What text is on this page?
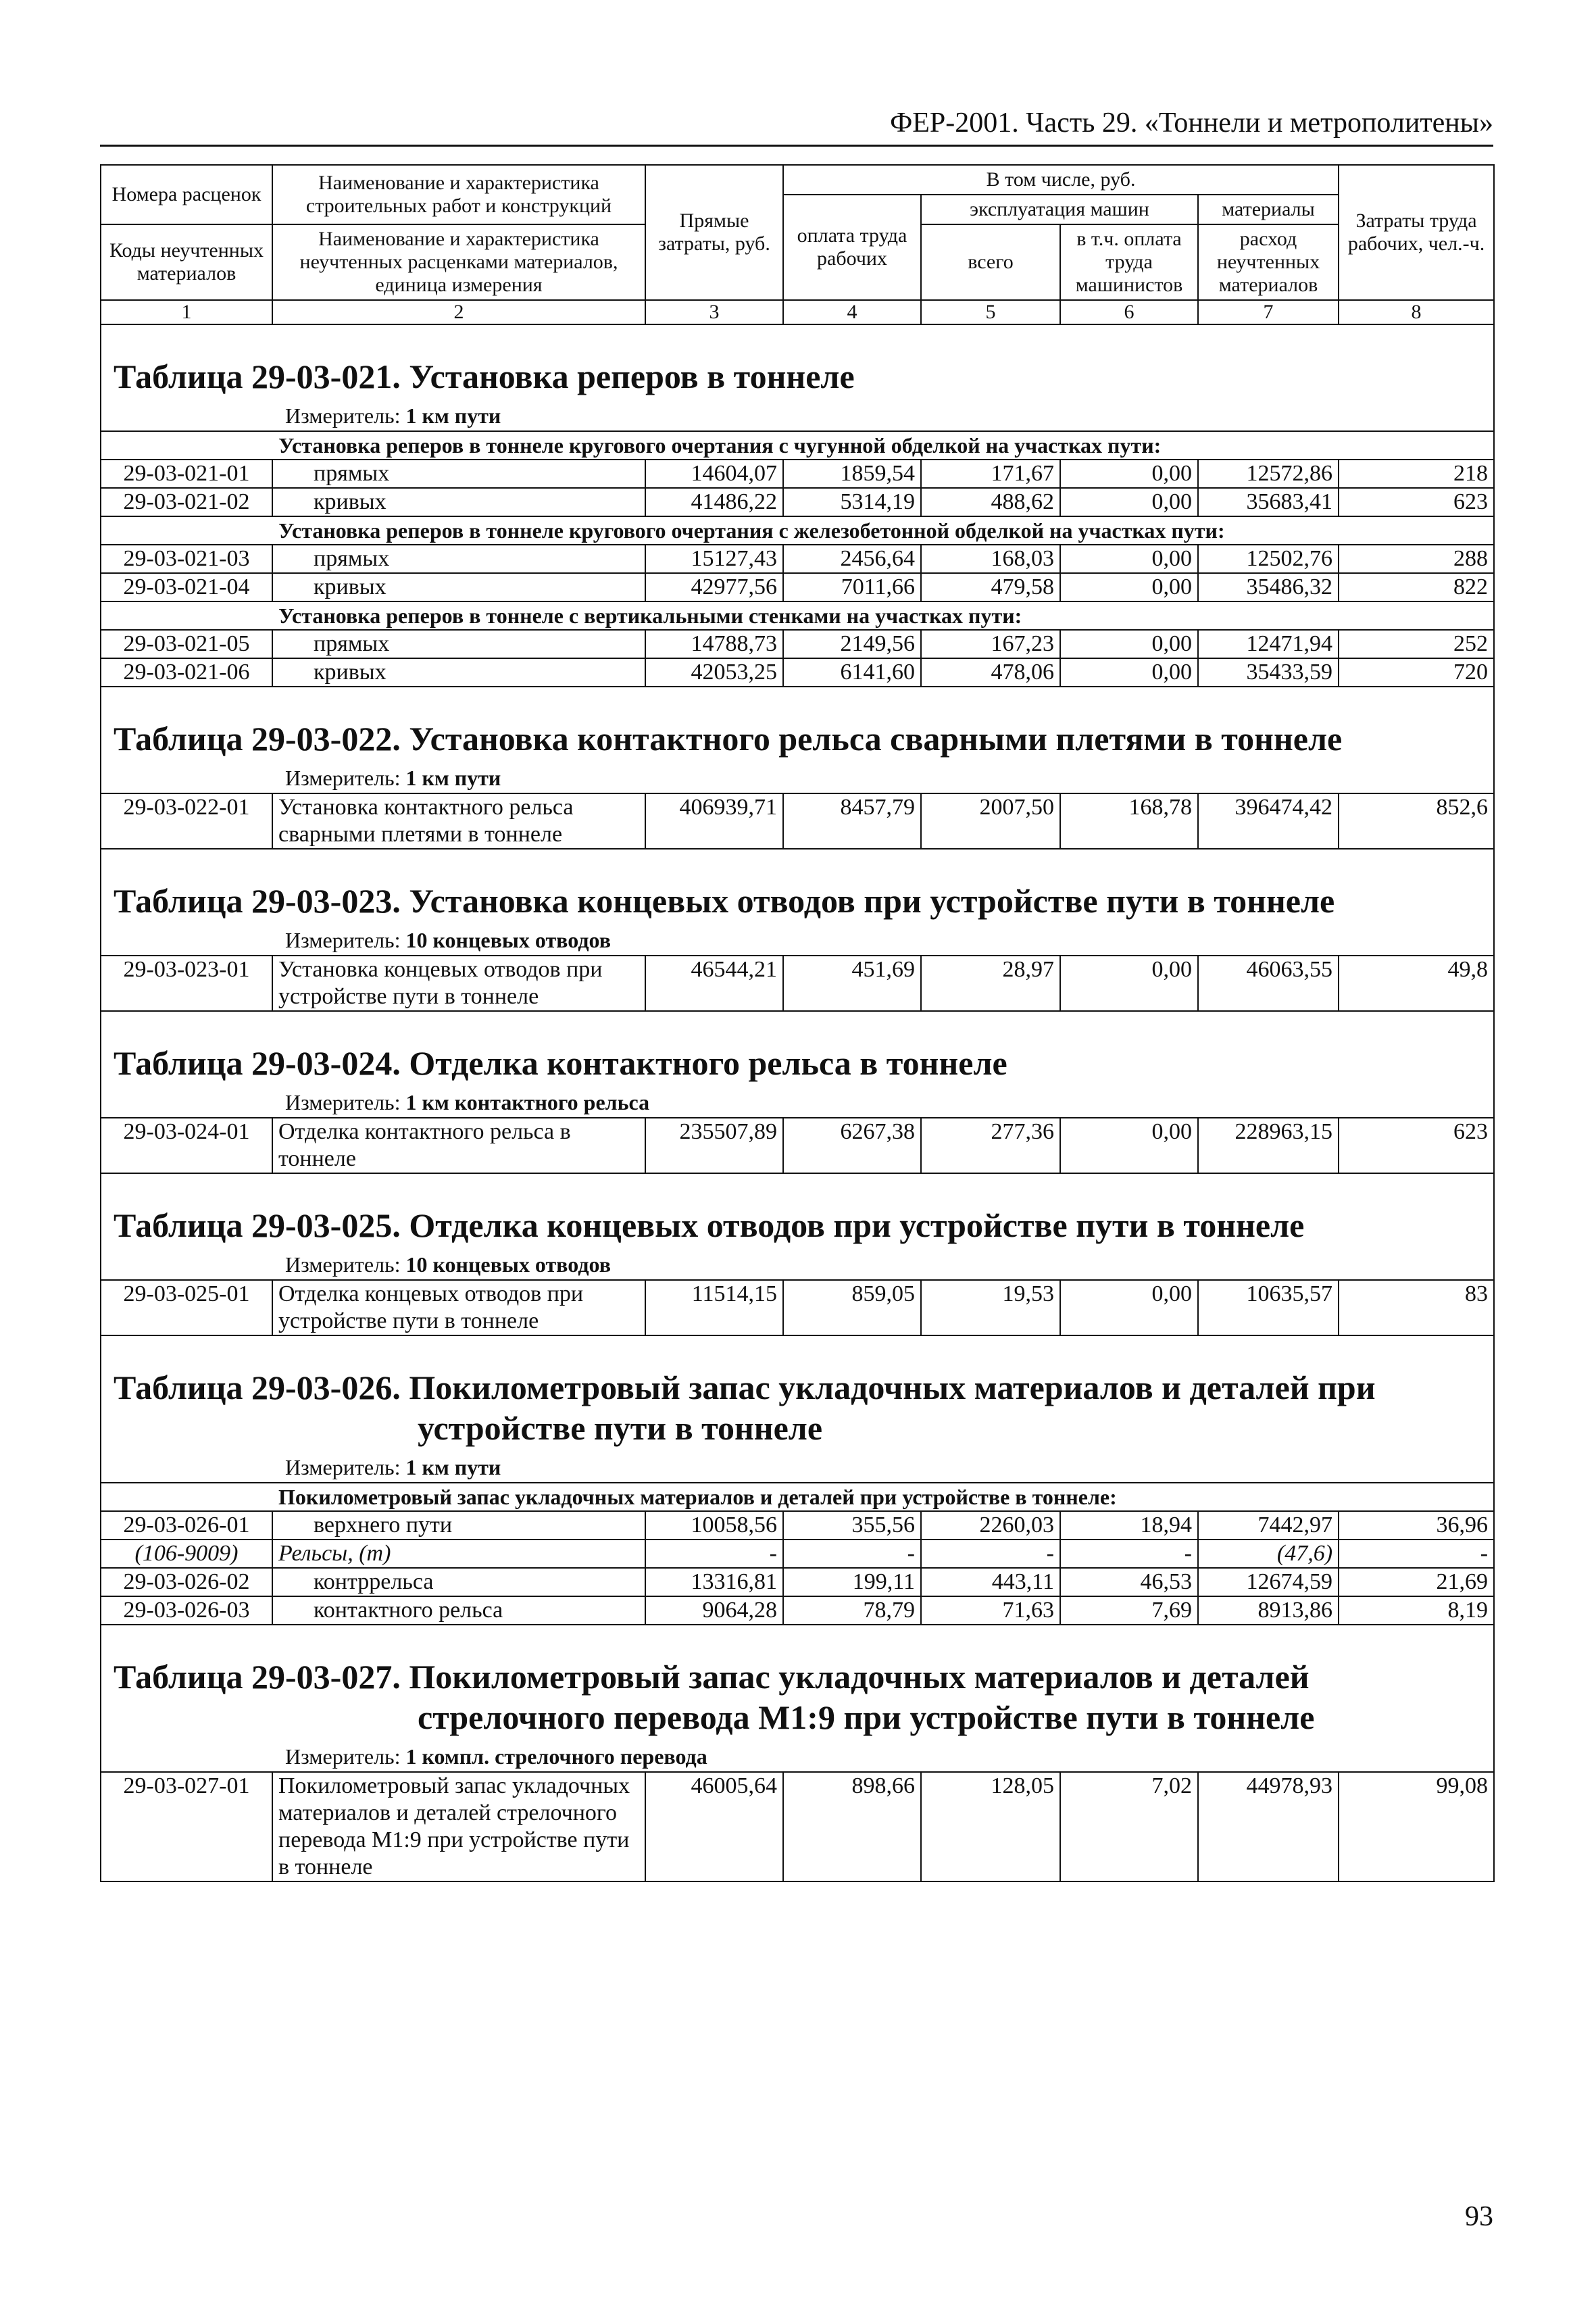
ФЕР-2001. Часть 29. «Тоннели и метрополитены»
Номера расценок	Наименование и характеристика строительных работ и конструкций	Прямые затраты, руб.	В том числе, руб.				Затраты труда рабочих, чел.-ч.
			оплата труда рабочих	эксплуатация машин		материалы	
Коды неучтенных материалов	Наименование и характеристика неучтенных расценками материалов, единица измерения			всего	в т.ч. оплата труда машинистов	расход неучтенных материалов	

1	2	3	4	5	6	7	8

Таблица 29-03-021. Установка реперов в тоннеле
Измеритель: 1 км пути							

Установка реперов в тоннеле кругового очертания с чугунной обделкой на участках пути:							
29-03-021-01	прямых	14604,07	1859,54	171,67	0,00	12572,86	218
29-03-021-02	кривых	41486,22	5314,19	488,62	0,00	35683,41	623
Установка реперов в тоннеле кругового очертания с железобетонной обделкой на участках пути:							
29-03-021-03	прямых	15127,43	2456,64	168,03	0,00	12502,76	288
29-03-021-04	кривых	42977,56	7011,66	479,58	0,00	35486,32	822
Установка реперов в тоннеле с вертикальными стенками на участках пути:							
29-03-021-05	прямых	14788,73	2149,56	167,23	0,00	12471,94	252
29-03-021-06	кривых	42053,25	6141,60	478,06	0,00	35433,59	720

Таблица 29-03-022. Установка контактного рельса сварными плетями в тоннеле
Измеритель: 1 км пути							

29-03-022-01	Установка контактного рельса сварными плетями в тоннеле	406939,71	8457,79	2007,50	168,78	396474,42	852,6

Таблица 29-03-023. Установка концевых отводов при устройстве пути в тоннеле
Измеритель: 10 концевых отводов							

29-03-023-01	Установка концевых отводов при устройстве пути в тоннеле	46544,21	451,69	28,97	0,00	46063,55	49,8

Таблица 29-03-024. Отделка контактного рельса в тоннеле
Измеритель: 1 км контактного рельса							

29-03-024-01	Отделка контактного рельса в тоннеле	235507,89	6267,38	277,36	0,00	228963,15	623

Таблица 29-03-025. Отделка концевых отводов при устройстве пути в тоннеле
Измеритель: 10 концевых отводов							

29-03-025-01	Отделка концевых отводов при устройстве пути в тоннеле	11514,15	859,05	19,53	0,00	10635,57	83

Таблица 29-03-026. Покилометровый запас укладочных материалов и деталей при
устройстве пути в тоннеле
Измеритель: 1 км пути							

Покилометровый запас укладочных материалов и деталей при устройстве в тоннеле:							
29-03-026-01	верхнего пути	10058,56	355,56	2260,03	18,94	7442,97	36,96
(106-9009)	Рельсы, (т)	-	-	-	-	(47,6)	-
29-03-026-02	контррельса	13316,81	199,11	443,11	46,53	12674,59	21,69
29-03-026-03	контактного рельса	9064,28	78,79	71,63	7,69	8913,86	8,19

Таблица 29-03-027. Покилометровый запас укладочных материалов и деталей
стрелочного перевода М1:9 при устройстве пути в тоннеле
Измеритель: 1 компл. стрелочного перевода							

29-03-027-01	Покилометровый запас укладочных материалов и деталей стрелочного перевода М1:9 при устройстве пути в тоннеле	46005,64	898,66	128,05	7,02	44978,93	99,08
93
